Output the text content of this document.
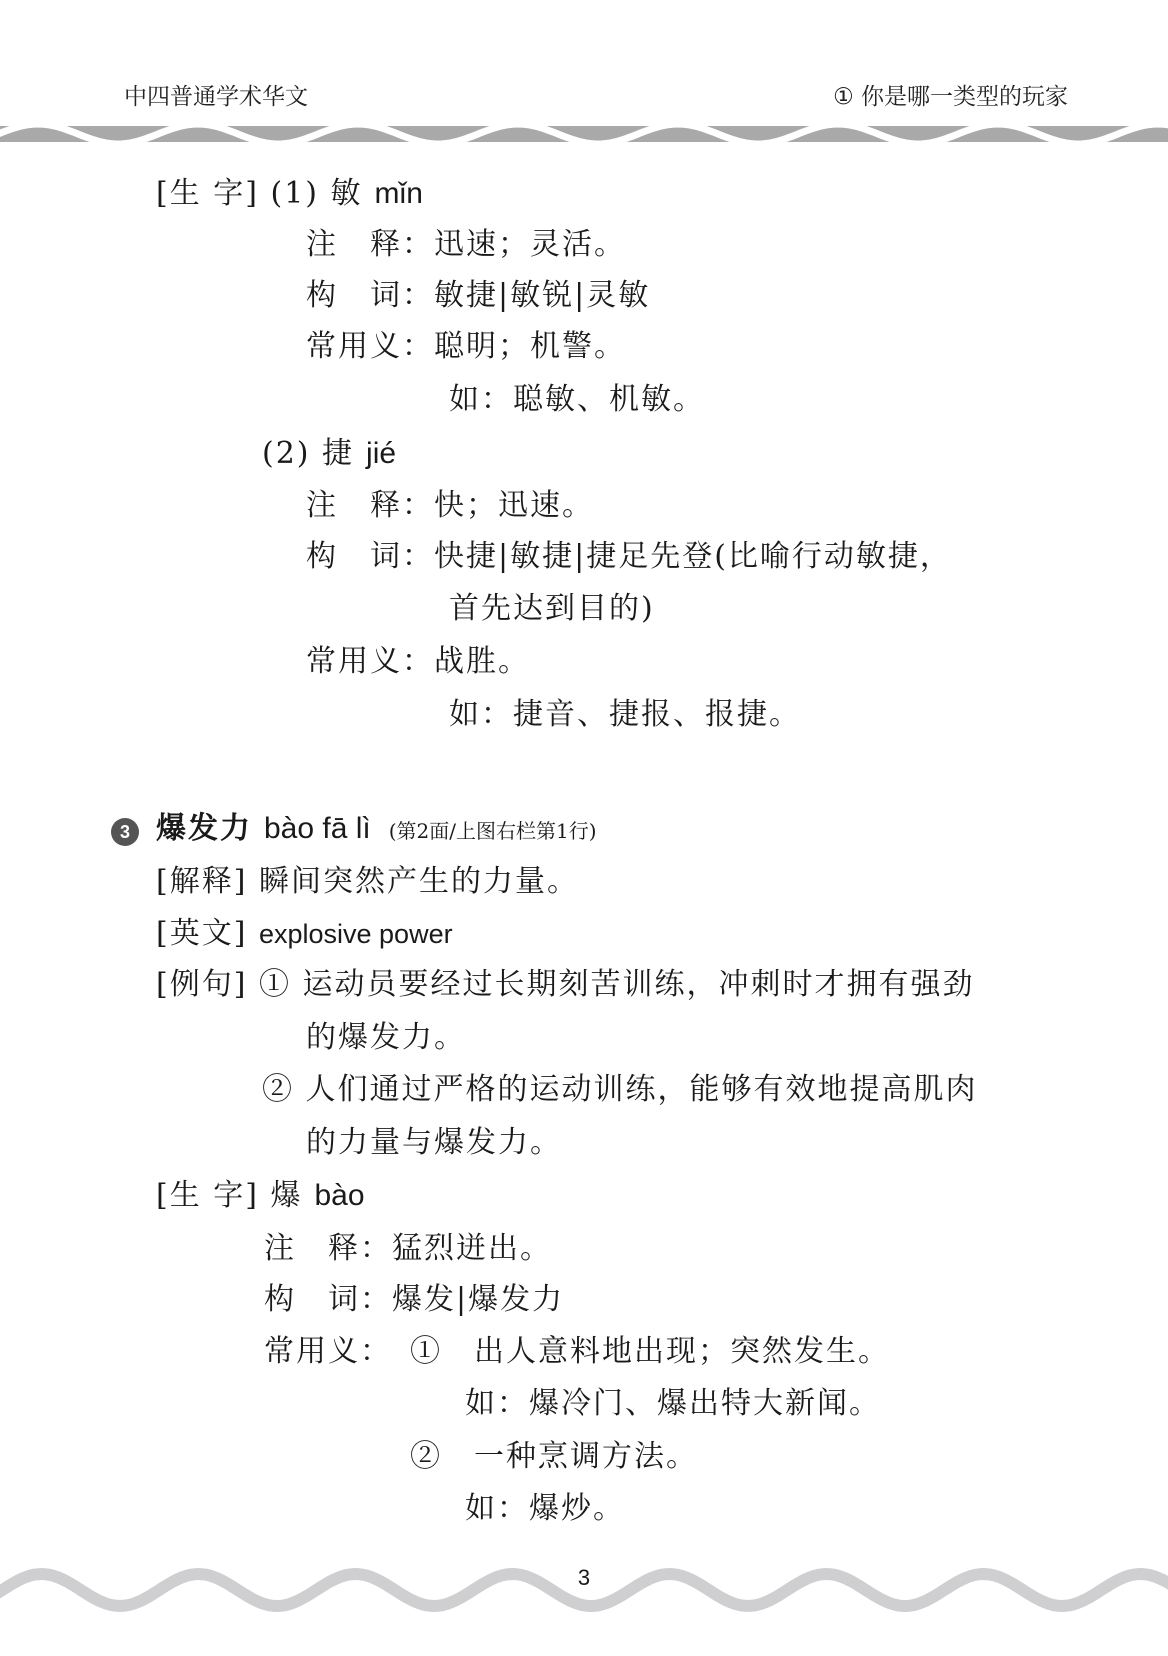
中四普通学术华文	① 你是哪一类型的玩家
[生 字] (1) 敏 mǐn
注　释：迅速；灵活。
构　词：敏捷|敏锐|灵敏
常用义：聪明；机警。
如：聪敏、机敏。
(2) 捷 jié
注　释：快；迅速。
构　词：快捷|敏捷|捷足先登(比喻行动敏捷，
首先达到目的)
常用义：战胜。
如：捷音、捷报、报捷。
3 爆发力 bào fā lì (第2面/上图右栏第1行)
[解释] 瞬间突然产生的力量。
[英文] explosive power
[例句] ① 运动员要经过长期刻苦训练，冲刺时才拥有强劲
的爆发力。
② 人们通过严格的运动训练，能够有效地提高肌肉
的力量与爆发力。
[生 字] 爆 bào
注　释：猛烈迸出。
构　词：爆发|爆发力
常用义： ①　出人意料地出现；突然发生。
如：爆冷门、爆出特大新闻。
②　一种烹调方法。
如：爆炒。
3
